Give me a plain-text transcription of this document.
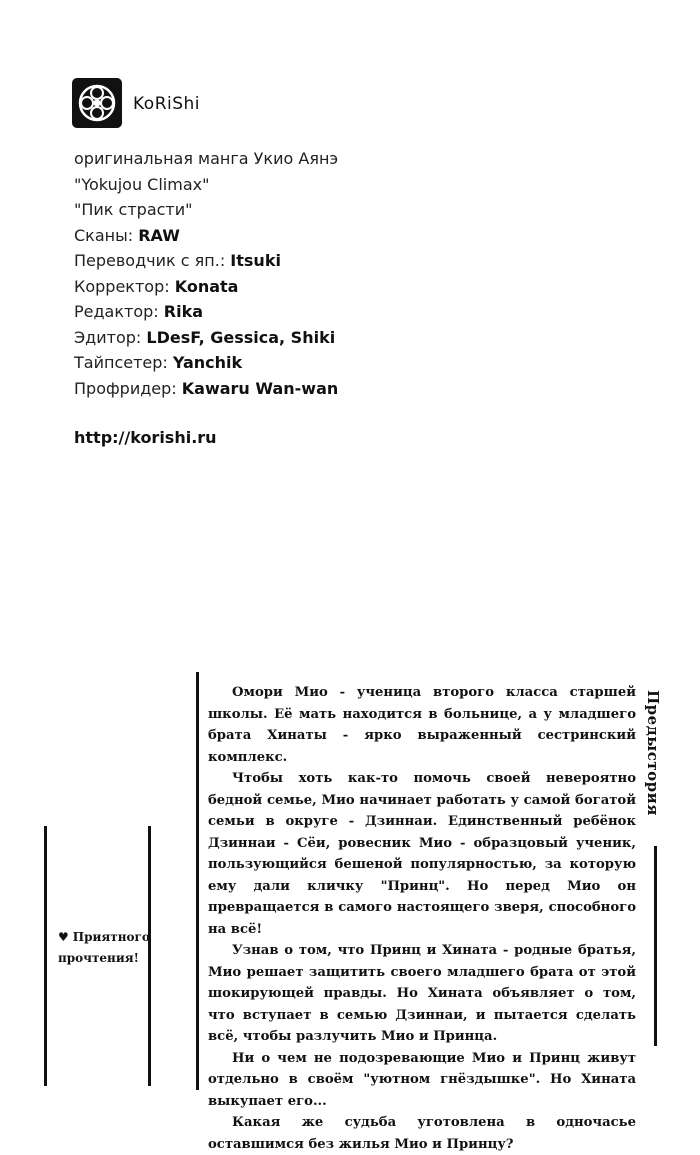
KoRiShi
оригинальная манга Укио Аянэ
"Yokujou Climax"
"Пик страсти"
Сканы: RAW
Переводчик с яп.: Itsuki
Корректор: Konata
Редактор: Rika
Эдитор: LDesF, Gessica, Shiki
Тайпсетер: Yanchik
Профридер: Kawaru Wan-wan
http://korishi.ru
♥ Приятного прочтения!

Омори Мио - ученица второго класса старшей школы. Её мать находится в больнице, а у младшего брата Хинаты - ярко выраженный сестринский комплекс.

Чтобы хоть как-то помочь своей невероятно бедной семье, Мио начинает работать у самой богатой семьи в округе - Дзиннаи. Единственный ребёнок Дзиннаи - Сёи, ровесник Мио - образцовый ученик, пользующийся бешеной популярностью, за которую ему дали кличку "Принц". Но перед Мио он превращается в самого настоящего зверя, способного на всё!

Узнав о том, что Принц и Хината - родные братья, Мио решает защитить своего младшего брата от этой шокирующей правды. Но Хината объявляет о том, что вступает в семью Дзиннаи, и пытается сделать всё, чтобы разлучить Мио и Принца.

Ни о чем не подозревающие Мио и Принц живут отдельно в своём "уютном гнёздышке". Но Хината выкупает его...

Какая же судьба уготовлена в одночасье оставшимся без жилья Мио и Принцу?

Предыстория
